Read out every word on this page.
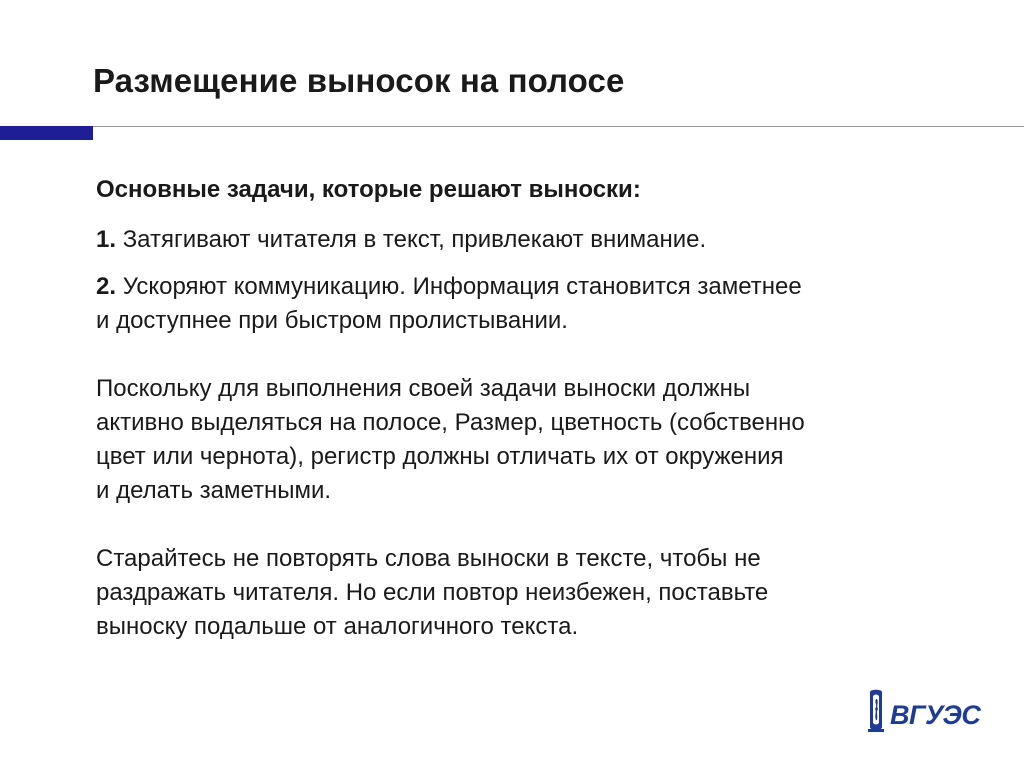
Размещение выносок на полосе
Основные задачи, которые решают выноски:
1. Затягивают читателя в текст, привлекают внимание.
2. Ускоряют коммуникацию. Информация становится заметнее
и доступнее при быстром пролистывании.
Поскольку для выполнения своей задачи выноски должны
активно выделяться на полосе, Размер, цветность (собственно
цвет или чернота), регистр должны отличать их от окружения
и делать заметными.
Старайтесь не повторять слова выноски в тексте, чтобы не
раздражать читателя. Но если повтор неизбежен, поставьте
выноску подальше от аналогичного текста.
ВГУЭС
